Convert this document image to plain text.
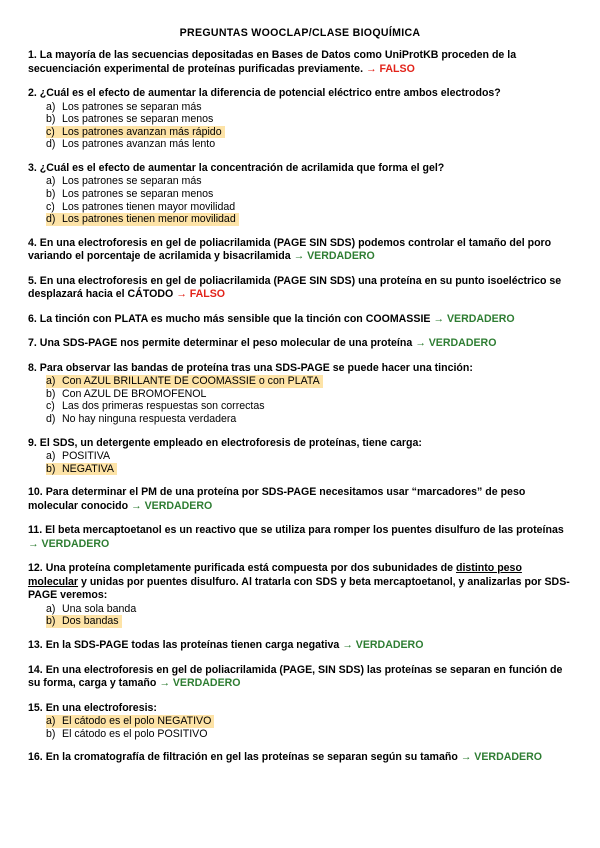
PREGUNTAS WOOCLAP/CLASE BIOQUÍMICA
1. La mayoría de las secuencias depositadas en Bases de Datos como UniProtKB proceden de la secuenciación experimental de proteínas purificadas previamente. → FALSO
2. ¿Cuál es el efecto de aumentar la diferencia de potencial eléctrico entre ambos electrodos?
a) Los patrones se separan más
b) Los patrones se separan menos
c) Los patrones avanzan más rápido
d) Los patrones avanzan más lento
3. ¿Cuál es el efecto de aumentar la concentración de acrilamida que forma el gel?
a) Los patrones se separan más
b) Los patrones se separan menos
c) Los patrones tienen mayor movilidad
d) Los patrones tienen menor movilidad
4. En una electroforesis en gel de poliacrilamida (PAGE SIN SDS) podemos controlar el tamaño del poro variando el porcentaje de acrilamida y bisacrilamida → VERDADERO
5. En una electroforesis en gel de poliacrilamida (PAGE SIN SDS) una proteína en su punto isoeléctrico se desplazará hacia el CÁTODO → FALSO
6. La tinción con PLATA es mucho más sensible que la tinción con COOMASSIE → VERDADERO
7. Una SDS-PAGE nos permite determinar el peso molecular de una proteína → VERDADERO
8. Para observar las bandas de proteína tras una SDS-PAGE se puede hacer una tinción:
a) Con AZUL BRILLANTE DE COOMASSIE o con PLATA
b) Con AZUL DE BROMOFENOL
c) Las dos primeras respuestas son correctas
d) No hay ninguna respuesta verdadera
9. El SDS, un detergente empleado en electroforesis de proteínas, tiene carga:
a) POSITIVA
b) NEGATIVA
10. Para determinar el PM de una proteína por SDS-PAGE necesitamos usar “marcadores” de peso molecular conocido → VERDADERO
11. El beta mercaptoetanol es un reactivo que se utiliza para romper los puentes disulfuro de las proteínas → VERDADERO
12. Una proteína completamente purificada está compuesta por dos subunidades de distinto peso molecular y unidas por puentes disulfuro. Al tratarla con SDS y beta mercaptoetanol, y analizarlas por SDS-PAGE veremos:
a) Una sola banda
b) Dos bandas
13. En la SDS-PAGE todas las proteínas tienen carga negativa → VERDADERO
14. En una electroforesis en gel de poliacrilamida (PAGE, SIN SDS) las proteínas se separan en función de su forma, carga y tamaño → VERDADERO
15. En una electroforesis:
a) El cátodo es el polo NEGATIVO
b) El cátodo es el polo POSITIVO
16. En la cromatografía de filtración en gel las proteínas se separan según su tamaño → VERDADERO
